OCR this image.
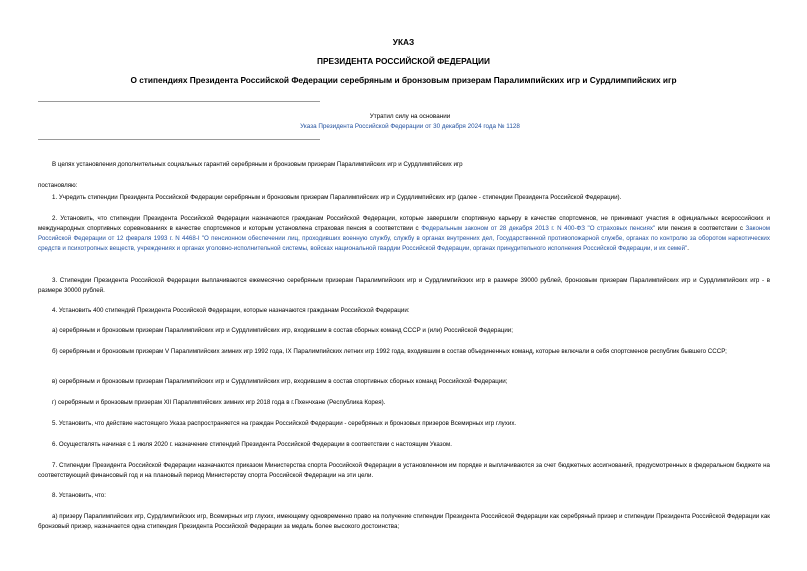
УКАЗ
ПРЕЗИДЕНТА РОССИЙСКОЙ ФЕДЕРАЦИИ
О стипендиях Президента Российской Федерации серебряным и бронзовым призерам Паралимпийских игр и Сурдлимпийских игр
Утратил силу на основании
Указа Президента Российской Федерации от 30 декабря 2024 года № 1128
В целях установления дополнительных социальных гарантий серебряным и бронзовым призерам Паралимпийских игр и Сурдлимпийских игр
постановляю:
1. Учредить стипендии Президента Российской Федерации серебряным и бронзовым призерам Паралимпийских игр и Сурдлимпийских игр (далее - стипендии Президента Российской Федерации).
2. Установить, что стипендии Президента Российской Федерации назначаются гражданам Российской Федерации, которые завершили спортивную карьеру в качестве спортсменов, не принимают участия в официальных всероссийских и международных спортивных соревнованиях в качестве спортсменов и которым установлена страховая пенсия в соответствии с Федеральным законом от 28 декабря 2013 г. N 400-ФЗ "О страховых пенсиях" или пенсия в соответствии с Законом Российской Федерации от 12 февраля 1993 г. N 4468-I "О пенсионном обеспечении лиц, проходивших военную службу, службу в органах внутренних дел, Государственной противопожарной службе, органах по контролю за оборотом наркотических средств и психотропных веществ, учреждениях и органах уголовно-исполнительной системы, войсках национальной гвардии Российской Федерации, органах принудительного исполнения Российской Федерации, и их семей".
3. Стипендии Президента Российской Федерации выплачиваются ежемесячно серебряным призерам Паралимпийских игр и Сурдлимпийских игр в размере 39000 рублей, бронзовым призерам Паралимпийских игр и Сурдлимпийских игр - в размере 30000 рублей.
4. Установить 400 стипендий Президента Российской Федерации, которые назначаются гражданам Российской Федерации:
а) серебряным и бронзовым призерам Паралимпийских игр и Сурдлимпийских игр, входившим в состав сборных команд СССР и (или) Российской Федерации;
б) серебряным и бронзовым призерам V Паралимпийских зимних игр 1992 года, IX Паралимпийских летних игр 1992 года, входившим в состав объединенных команд, которые включали в себя спортсменов республик бывшего СССР;
в) серебряным и бронзовым призерам Паралимпийских игр и Сурдлимпийских игр, входившим в состав спортивных сборных команд Российской Федерации;
г) серебряным и бронзовым призерам XII Паралимпийских зимних игр 2018 года в г.Пхенчхане (Республика Корея).
5. Установить, что действие настоящего Указа распространяется на граждан Российской Федерации - серебряных и бронзовых призеров Всемирных игр глухих.
6. Осуществлять начиная с 1 июля 2020 г. назначение стипендий Президента Российской Федерации в соответствии с настоящим Указом.
7. Стипендии Президента Российской Федерации назначаются приказом Министерства спорта Российской Федерации в установленном им порядке и выплачиваются за счет бюджетных ассигнований, предусмотренных в федеральном бюджете на соответствующий финансовый год и на плановый период Министерству спорта Российской Федерации на эти цели.
8. Установить, что:
а) призеру Паралимпийских игр, Сурдлимпийских игр, Всемирных игр глухих, имеющему одновременно право на получение стипендии Президента Российской Федерации как серебряный призер и стипендии Президента Российской Федерации как бронзовый призер, назначается одна стипендия Президента Российской Федерации за медаль более высокого достоинства;
